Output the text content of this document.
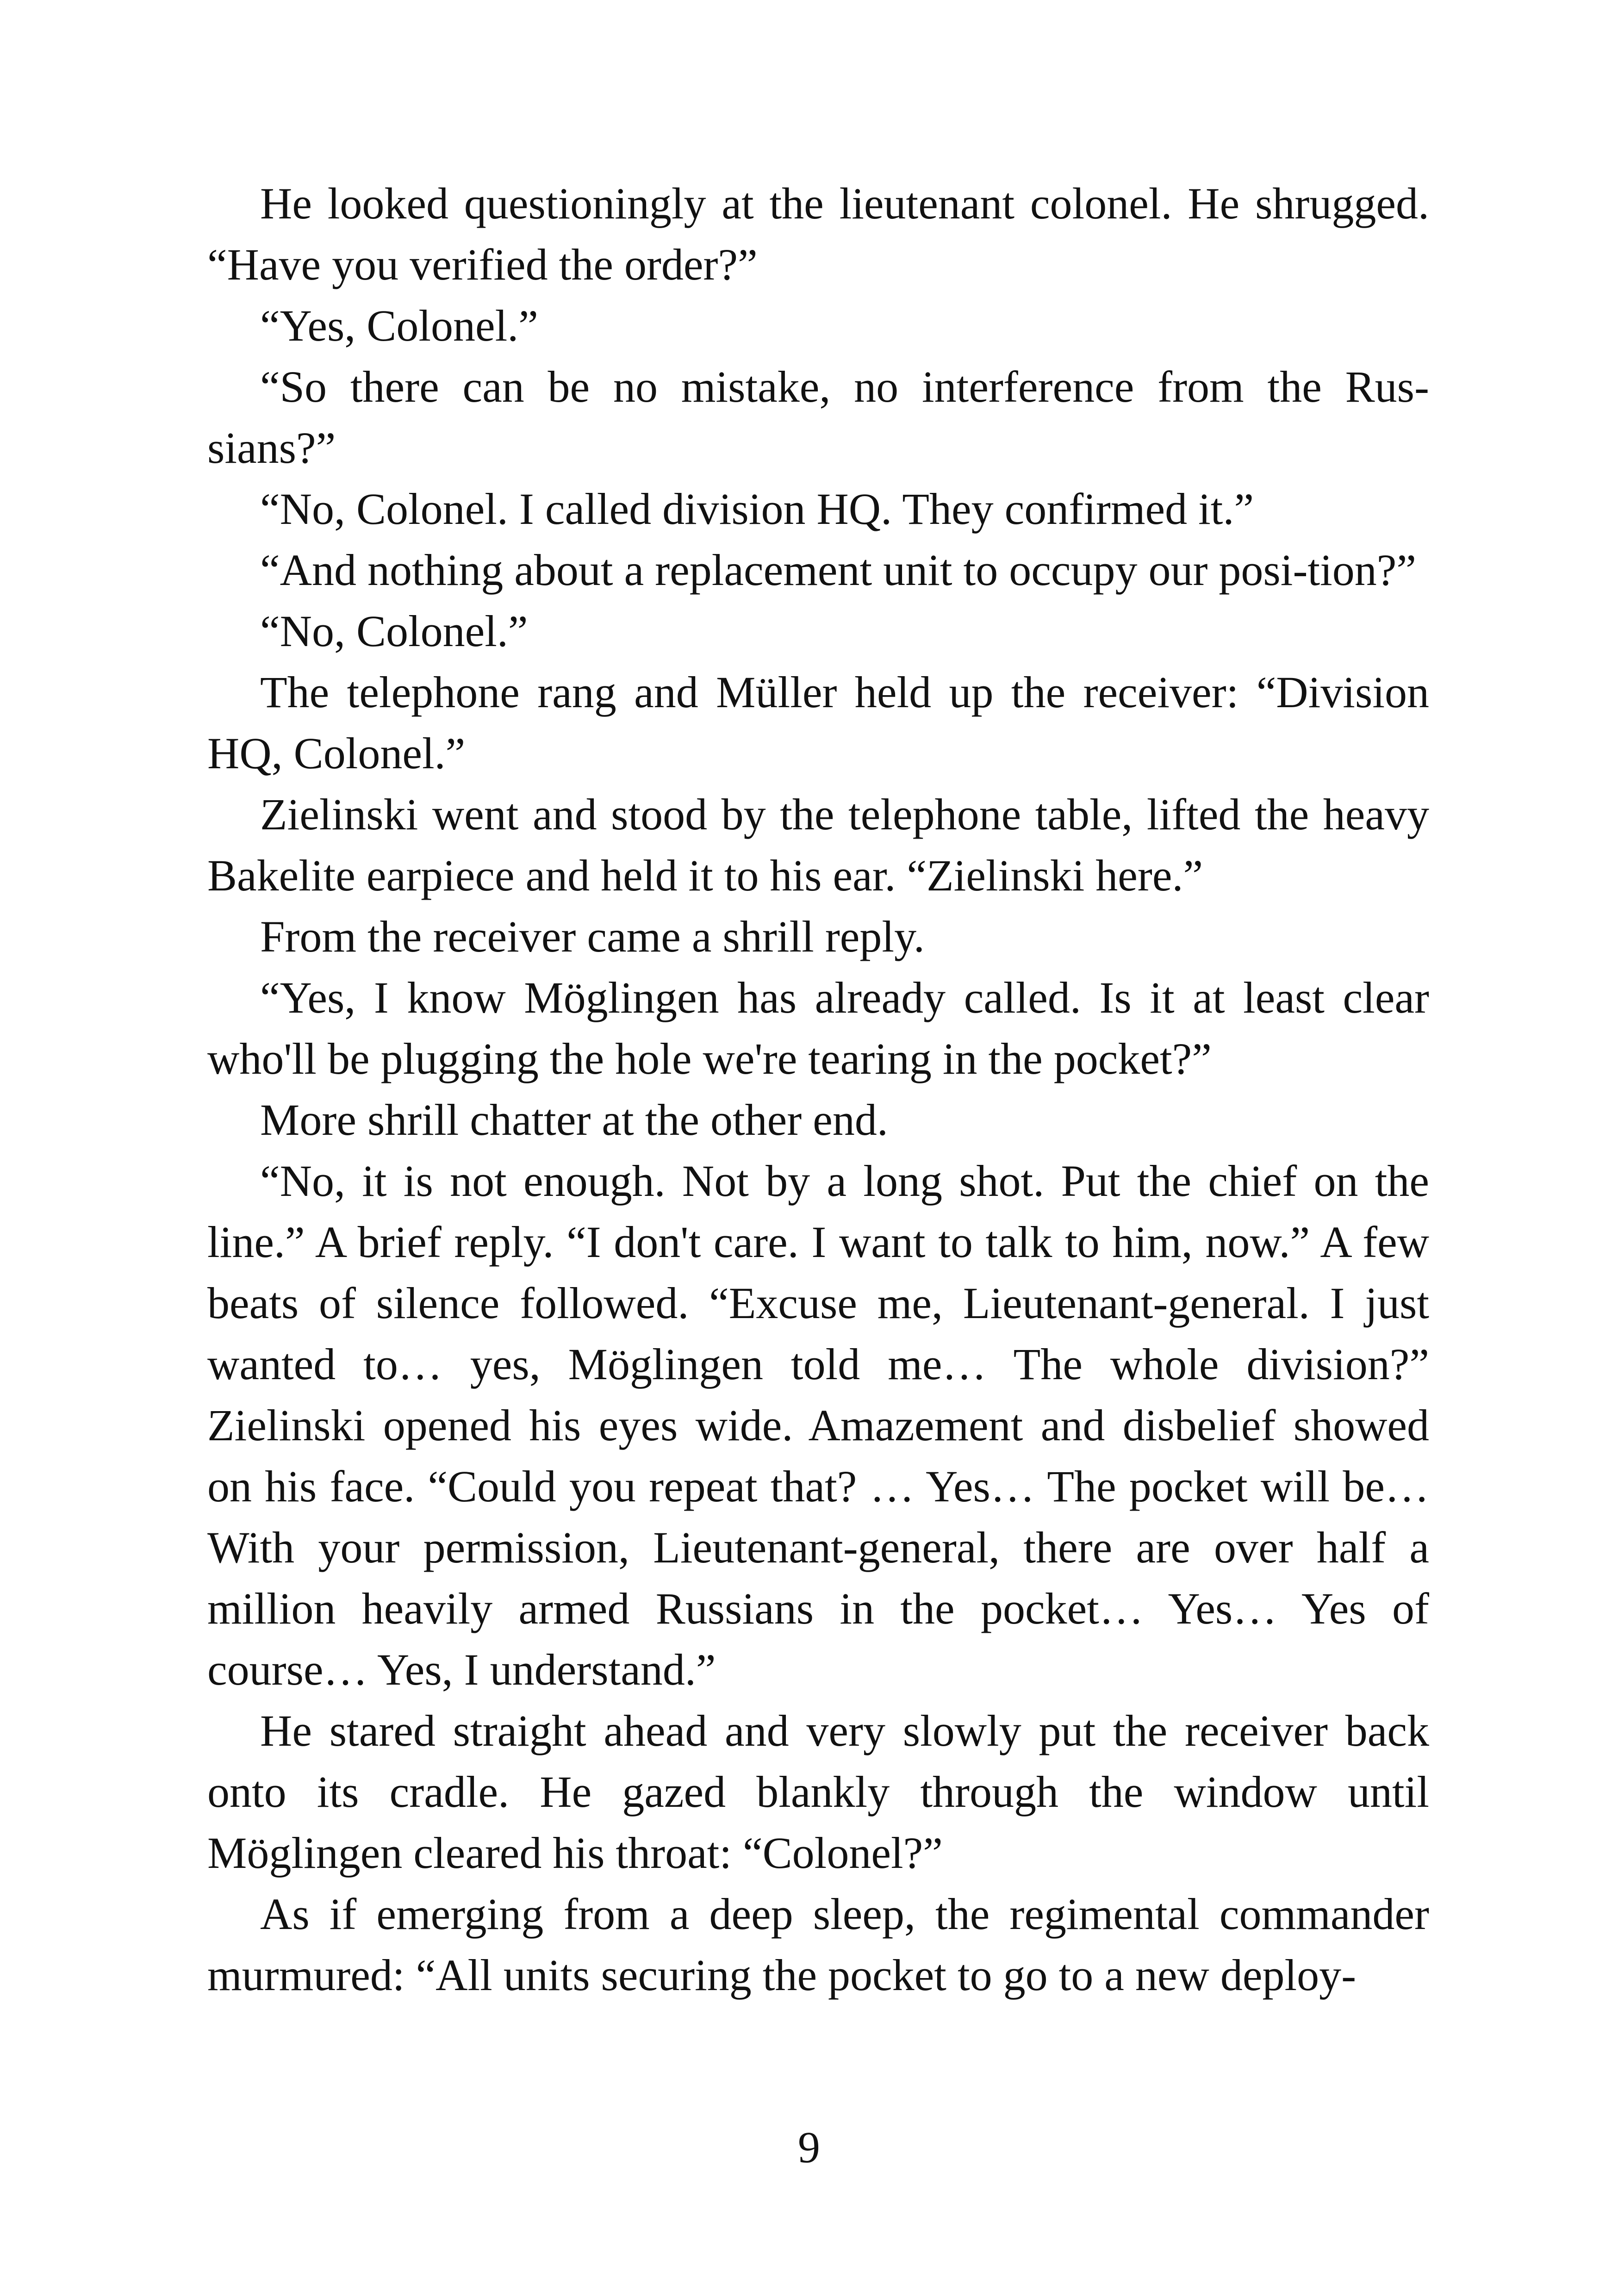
He looked questioningly at the lieutenant colonel. He shrugged. “Have you verified the order?”

“Yes, Colonel.”

“So there can be no mistake, no interference from the Rus-sians?”

“No, Colonel. I called division HQ. They confirmed it.”

“And nothing about a replacement unit to occupy our posi-tion?”

“No, Colonel.”

The telephone rang and Müller held up the receiver: “Division HQ, Colonel.”

Zielinski went and stood by the telephone table, lifted the heavy Bakelite earpiece and held it to his ear. “Zielinski here.”

From the receiver came a shrill reply.

“Yes, I know Möglingen has already called. Is it at least clear who'll be plugging the hole we're tearing in the pocket?”

More shrill chatter at the other end.

“No, it is not enough. Not by a long shot. Put the chief on the line.” A brief reply. “I don't care. I want to talk to him, now.” A few beats of silence followed. “Excuse me, Lieutenant-general. I just wanted to… yes, Möglingen told me… The whole division?” Zielinski opened his eyes wide. Amazement and disbelief showed on his face. “Could you repeat that? … Yes… The pocket will be… With your permission, Lieutenant-general, there are over half a million heavily armed Russians in the pocket… Yes… Yes of course… Yes, I understand.”

He stared straight ahead and very slowly put the receiver back onto its cradle. He gazed blankly through the window until Möglingen cleared his throat: “Colonel?”

As if emerging from a deep sleep, the regimental commander murmured: “All units securing the pocket to go to a new deploy-

9
